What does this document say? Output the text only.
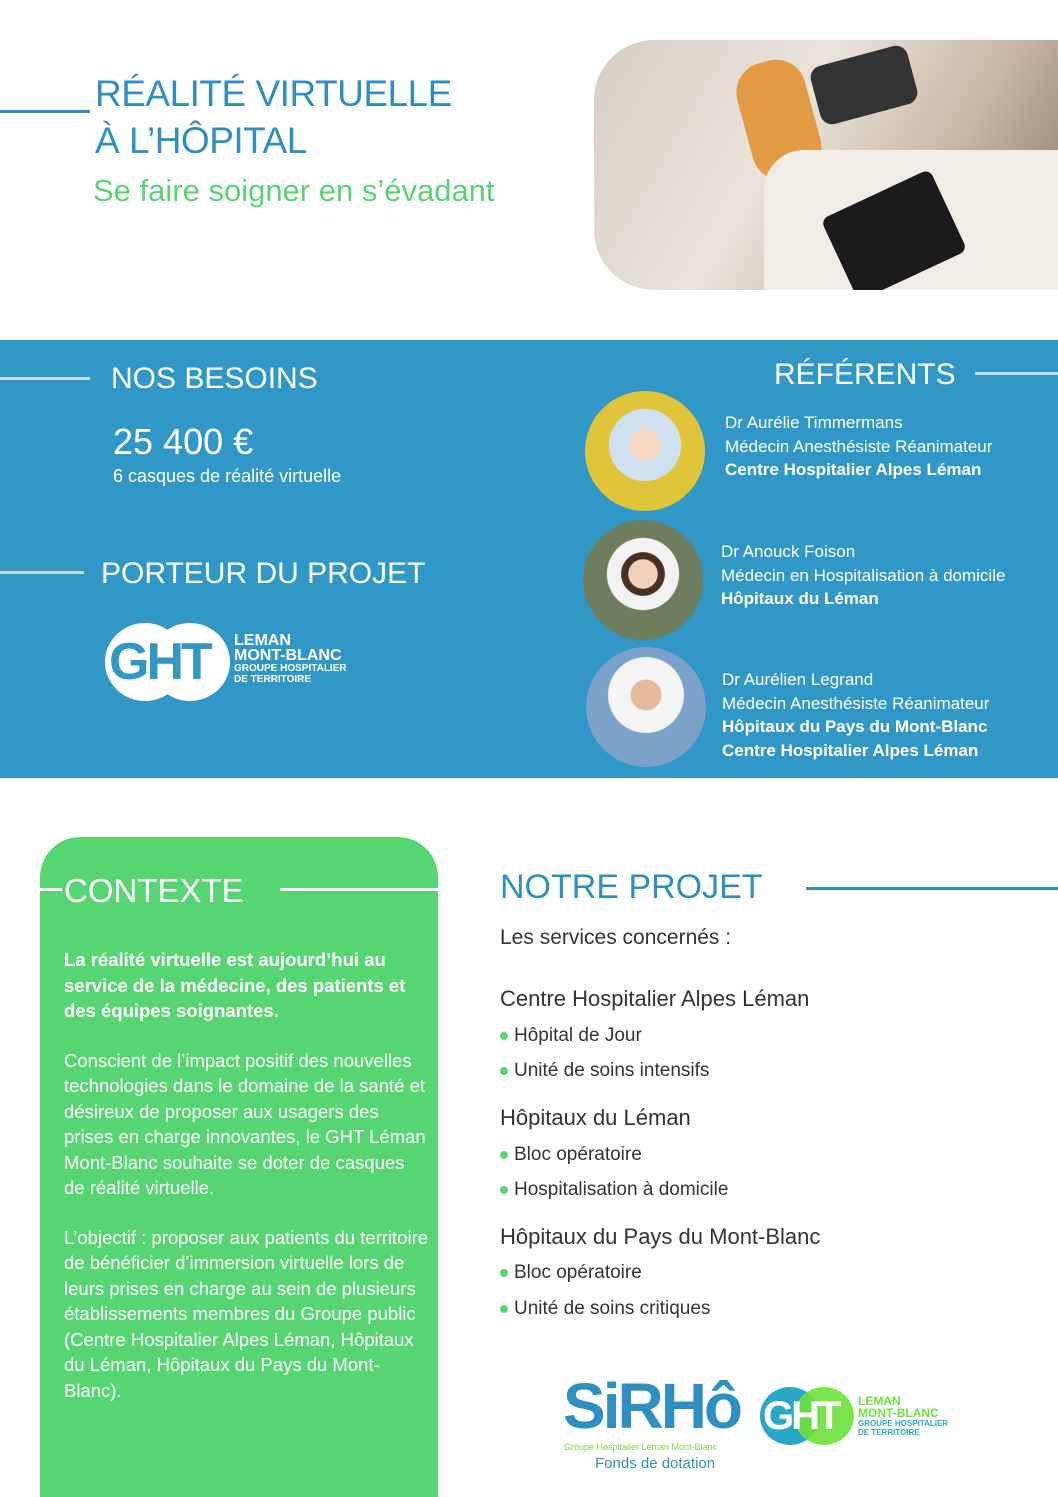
RÉALITÉ VIRTUELLE
À L’HÔPITAL
Se faire soigner en s’évadant
NOS BESOINS
25 400 €
6 casques de réalité virtuelle
PORTEUR DU PROJET
GHT LEMAN
MONT-BLANC
GROUPE HOSPITALIER
DE TERRITOIRE
RÉFÉRENTS
Dr Aurélie Timmermans
Médecin Anesthésiste Réanimateur
Centre Hospitalier Alpes Léman
Dr Anouck Foison
Médecin en Hospitalisation à domicile
Hôpitaux du Léman
Dr Aurélien Legrand
Médecin Anesthésiste Réanimateur
Hôpitaux du Pays du Mont-Blanc
Centre Hospitalier Alpes Léman
CONTEXTE

La réalité virtuelle est aujourd’hui au service de la médecine, des patients et des équipes soignantes.

Conscient de l’impact positif des nouvelles technologies dans le domaine de la santé et désireux de proposer aux usagers des prises en charge innovantes, le GHT Léman Mont-Blanc souhaite se doter de casques de réalité virtuelle.

L’objectif : proposer aux patients du territoire de bénéficier d’immersion virtuelle lors de leurs prises en charge au sein de plusieurs établissements membres du Groupe public (Centre Hospitalier Alpes Léman, Hôpitaux du Léman, Hôpitaux du Pays du Mont-Blanc).

NOTRE PROJET
Les services concernés :
Centre Hospitalier Alpes Léman
Hôpital de Jour
Unité de soins intensifs
Hôpitaux du Léman
Bloc opératoire
Hospitalisation à domicile
Hôpitaux du Pays du Mont-Blanc
Bloc opératoire
Unité de soins critiques
SiRHô
Groupe Hospitalier Léman Mont-Blanc
Fonds de dotation
GHT LEMAN
MONT-BLANC
GROUPE HOSPITALIER
DE TERRITOIRE
